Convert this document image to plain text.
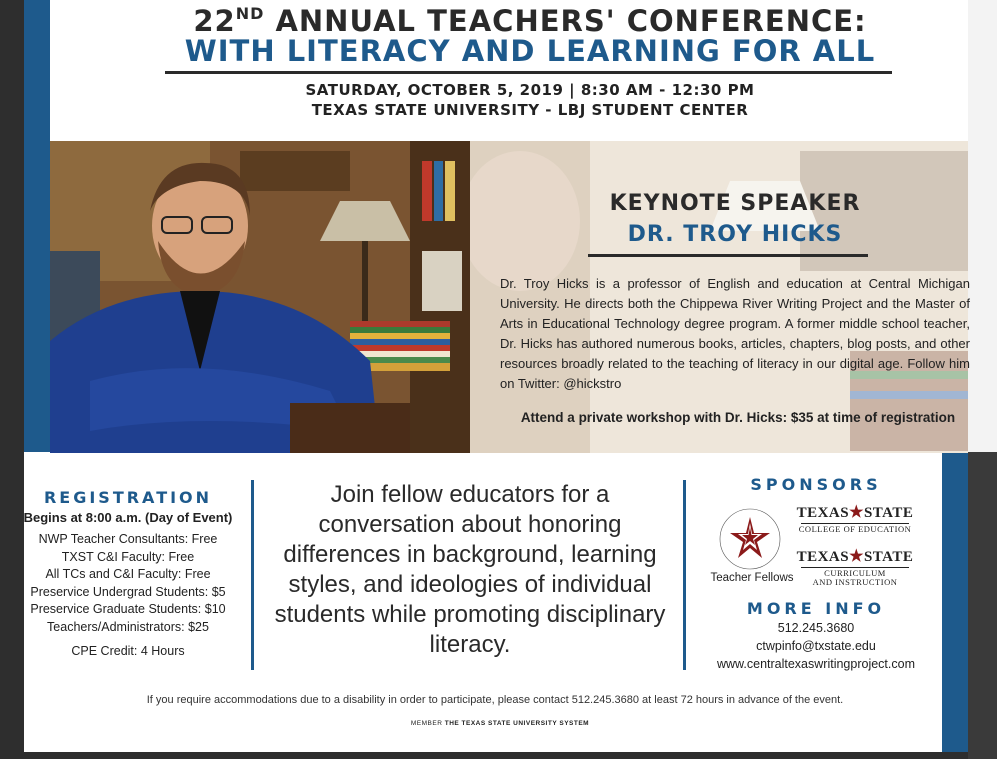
22ND ANNUAL TEACHERS' CONFERENCE:
WITH LITERACY AND LEARNING FOR ALL
SATURDAY, OCTOBER 5, 2019 | 8:30 AM - 12:30 PM
TEXAS STATE UNIVERSITY - LBJ STUDENT CENTER
KEYNOTE SPEAKER
DR. TROY HICKS
Dr. Troy Hicks is a professor of English and education at Central Michigan University. He directs both the Chippewa River Writing Project and the Master of Arts in Educational Technology degree program. A former middle school teacher, Dr. Hicks has authored numerous books, articles, chapters, blog posts, and other resources broadly related to the teaching of literacy in our digital age. Follow him on Twitter: @hickstro
Attend a private workshop with Dr. Hicks: $35 at time of registration
REGISTRATION
Begins at 8:00 a.m. (Day of Event)
NWP Teacher Consultants: Free
TXST C&I Faculty: Free
All TCs and C&I Faculty: Free
Preservice Undergrad Students: $5
Preservice Graduate Students: $10
Teachers/Administrators: $25
CPE Credit: 4 Hours
Join fellow educators for a conversation about honoring differences in background, learning styles, and ideologies of individual students while promoting disciplinary literacy.
SPONSORS
Teacher Fellows
TEXAS★STATE
COLLEGE OF EDUCATION
TEXAS★STATE
CURRICULUM
AND INSTRUCTION
MORE INFO
512.245.3680
ctwpinfo@txstate.edu
www.centraltexaswritingproject.com
If you require accommodations due to a disability in order to participate, please contact 512.245.3680 at least 72 hours in advance of the event.
MEMBER THE TEXAS STATE UNIVERSITY SYSTEM
